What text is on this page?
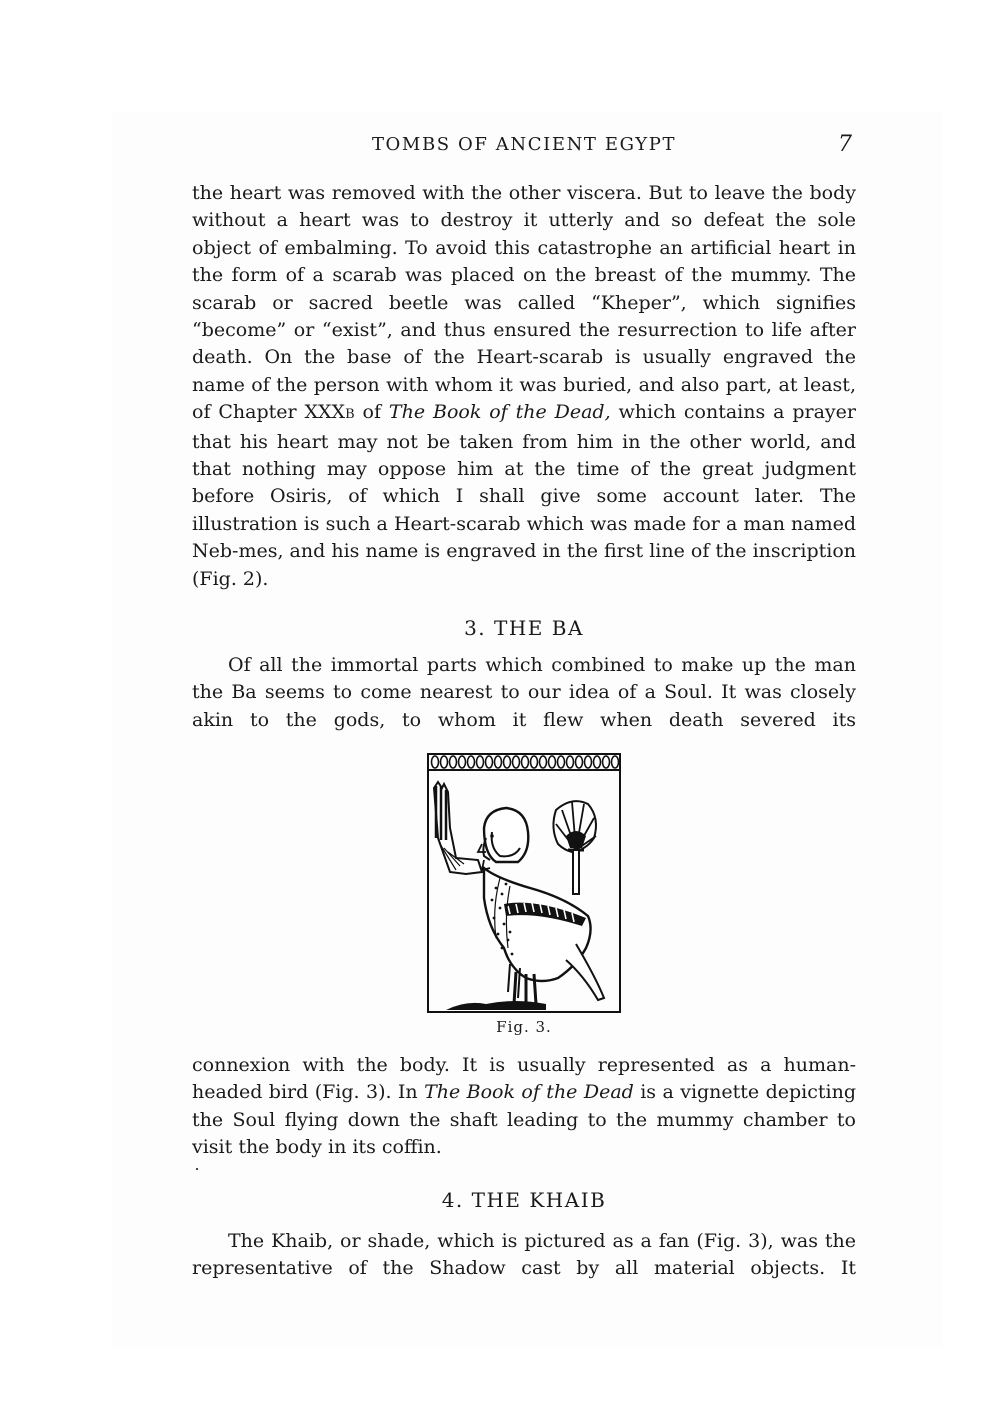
TOMBS OF ANCIENT EGYPT	7

the heart was removed with the other viscera. But to leave the body without a heart was to destroy it utterly and so defeat the sole object of embalming. To avoid this catastrophe an artificial heart in the form of a scarab was placed on the breast of the mummy. The scarab or sacred beetle was called “Kheper”, which signifies “become” or “exist”, and thus ensured the resurrection to life after death. On the base of the Heart-scarab is usually engraved the name of the person with whom it was buried, and also part, at least, of Chapter XXXB of The Book of the Dead, which contains a prayer that his heart may not be taken from him in the other world, and that nothing may oppose him at the time of the great judgment before Osiris, of which I shall give some account later. The illustration is such a Heart-scarab which was made for a man named Neb-mes, and his name is engraved in the first line of the inscription (Fig. 2).

3. THE BA

Of all the immortal parts which combined to make up the man the Ba seems to come nearest to our idea of a Soul. It was closely akin to the gods, to whom it flew when death severed its

Fig. 3.

connexion with the body. It is usually represented as a human-headed bird (Fig. 3). In The Book of the Dead is a vignette depicting the Soul flying down the shaft leading to the mummy chamber to visit the body in its coffin.

4. THE KHAIB

The Khaib, or shade, which is pictured as a fan (Fig. 3), was the representative of the Shadow cast by all material objects. It
